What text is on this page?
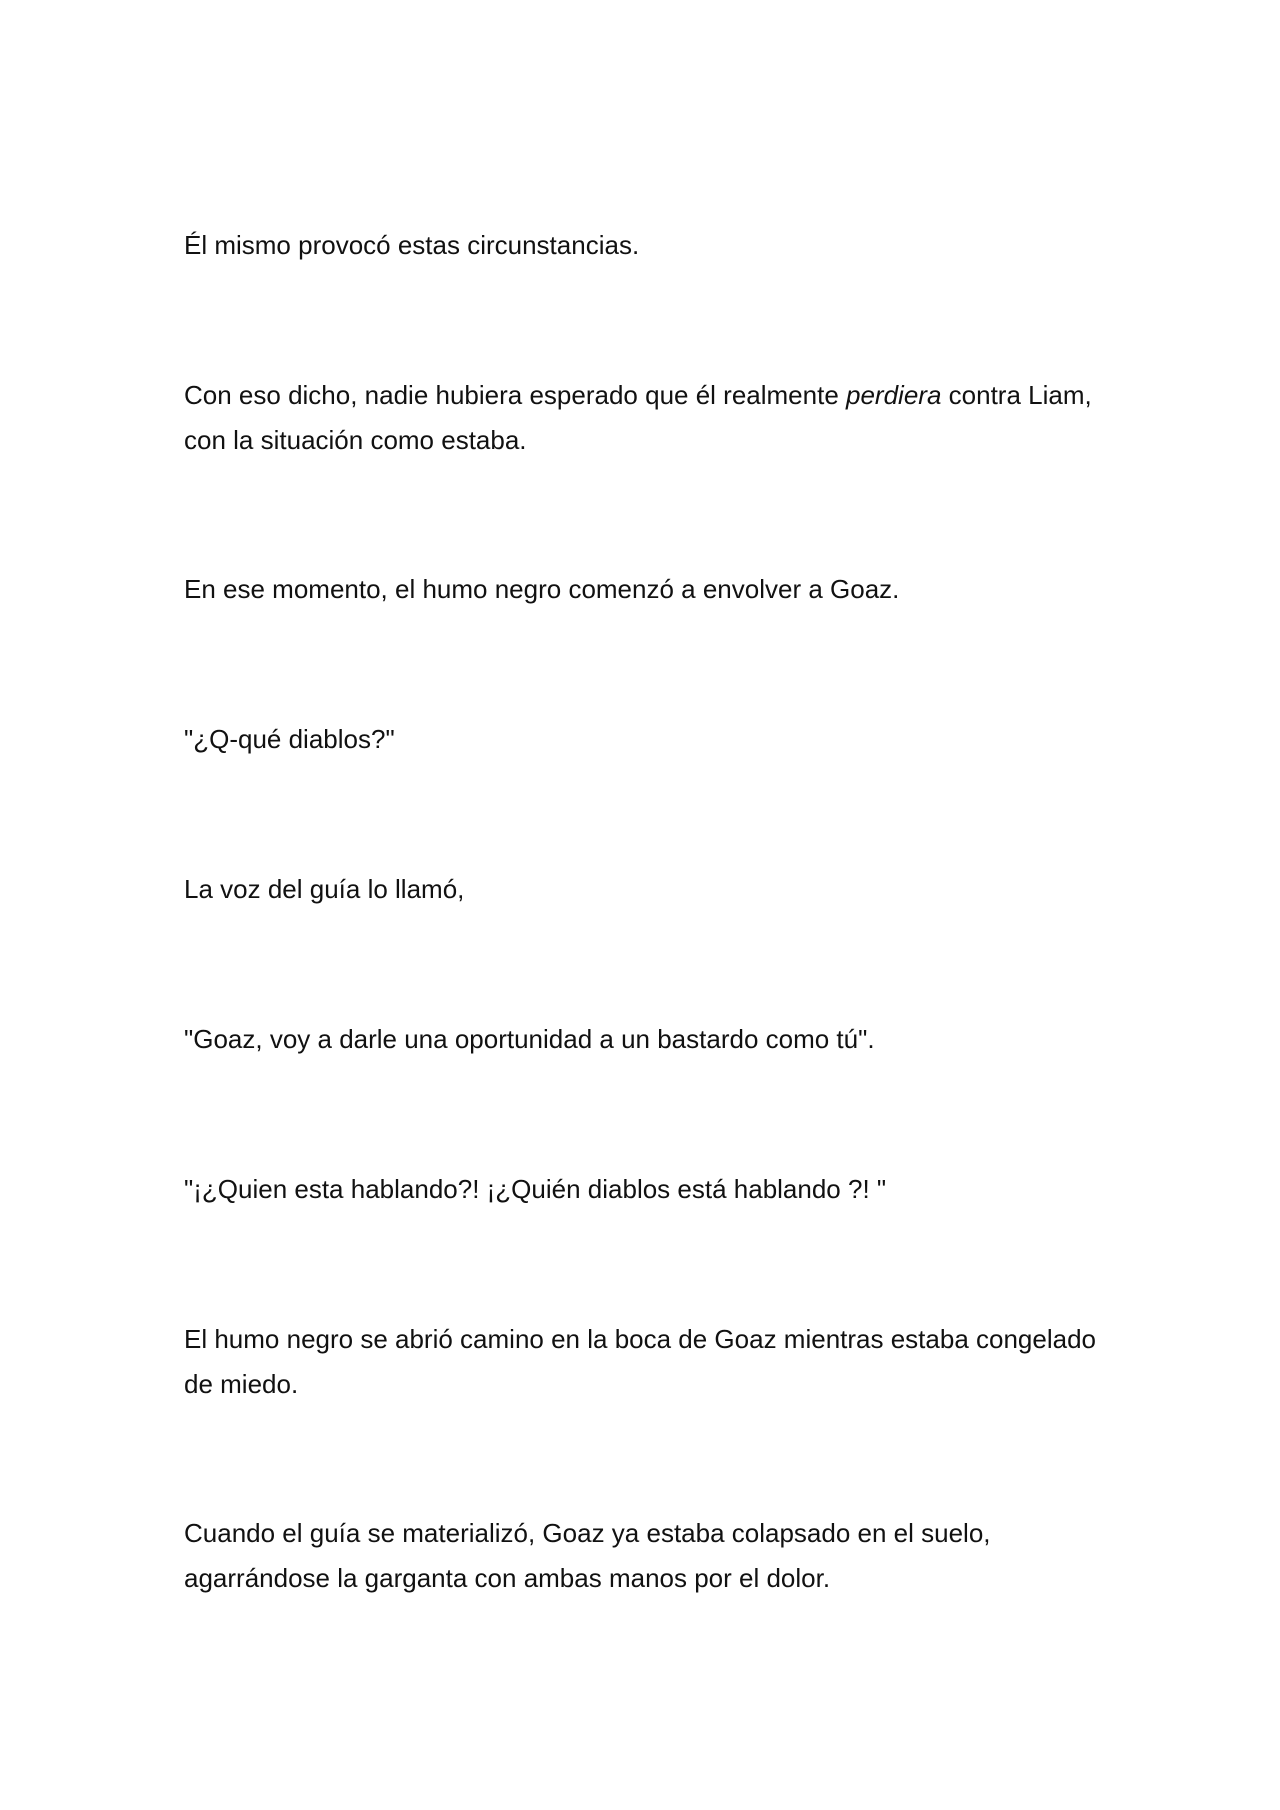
Él mismo provocó estas circunstancias.

Con eso dicho, nadie hubiera esperado que él realmente perdiera contra Liam, con la situación como estaba.

En ese momento, el humo negro comenzó a envolver a Goaz.

"¿Q-qué diablos?"

La voz del guía lo llamó,

"Goaz, voy a darle una oportunidad a un bastardo como tú".

"¡¿Quien esta hablando?! ¡¿Quién diablos está hablando ?! "

El humo negro se abrió camino en la boca de Goaz mientras estaba congelado de miedo.

Cuando el guía se materializó, Goaz ya estaba colapsado en el suelo, agarrándose la garganta con ambas manos por el dolor.
